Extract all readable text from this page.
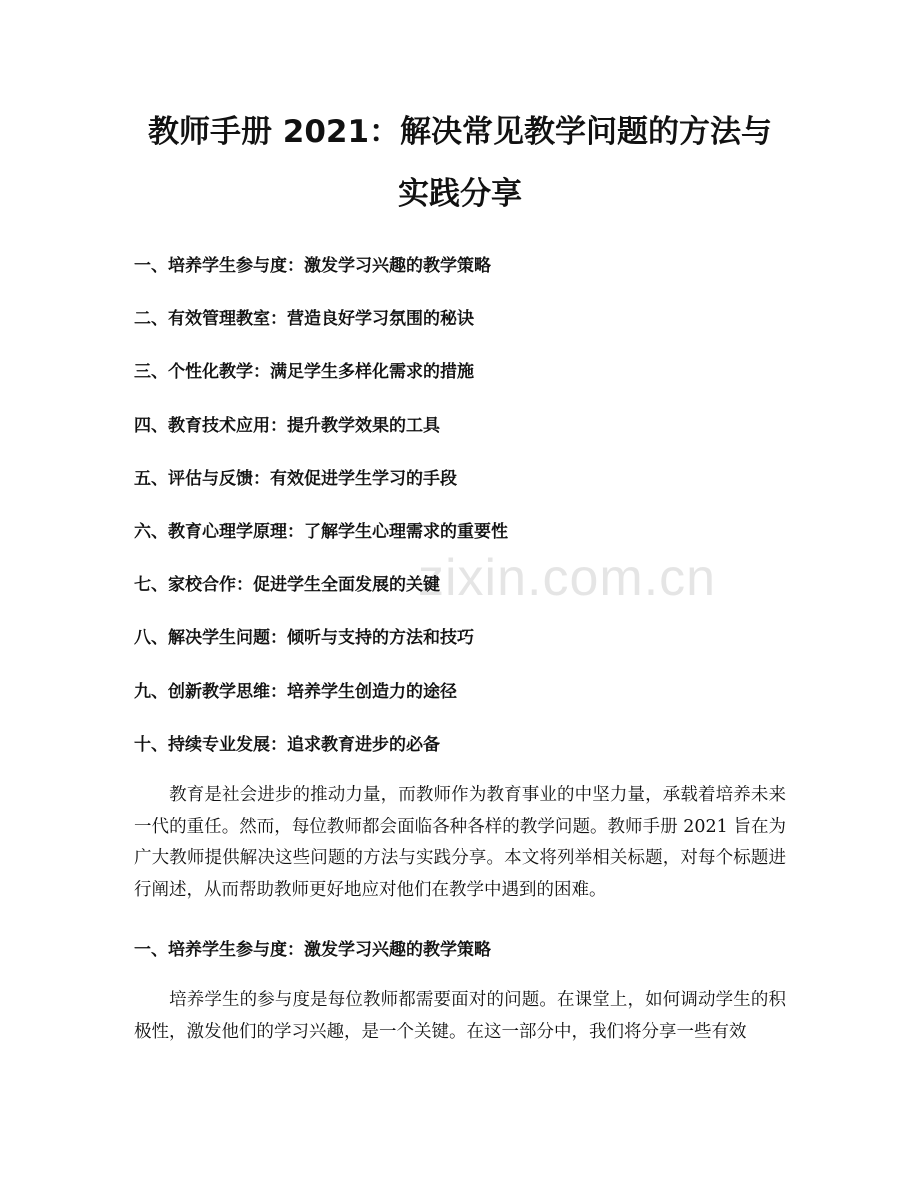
教师手册 2021：解决常见教学问题的方法与
实践分享
一、培养学生参与度：激发学习兴趣的教学策略
二、有效管理教室：营造良好学习氛围的秘诀
三、个性化教学：满足学生多样化需求的措施
四、教育技术应用：提升教学效果的工具
五、评估与反馈：有效促进学生学习的手段
六、教育心理学原理：了解学生心理需求的重要性
七、家校合作：促进学生全面发展的关键
八、解决学生问题：倾听与支持的方法和技巧
九、创新教学思维：培养学生创造力的途径
十、持续专业发展：追求教育进步的必备

教育是社会进步的推动力量，而教师作为教育事业的中坚力量，承载着培养未来一代的重任。然而，每位教师都会面临各种各样的教学问题。教师手册 2021 旨在为广大教师提供解决这些问题的方法与实践分享。本文将列举相关标题，对每个标题进行阐述，从而帮助教师更好地应对他们在教学中遇到的困难。

一、培养学生参与度：激发学习兴趣的教学策略

培养学生的参与度是每位教师都需要面对的问题。在课堂上，如何调动学生的积极性，激发他们的学习兴趣，是一个关键。在这一部分中，我们将分享一些有效

zixin.com.cn
